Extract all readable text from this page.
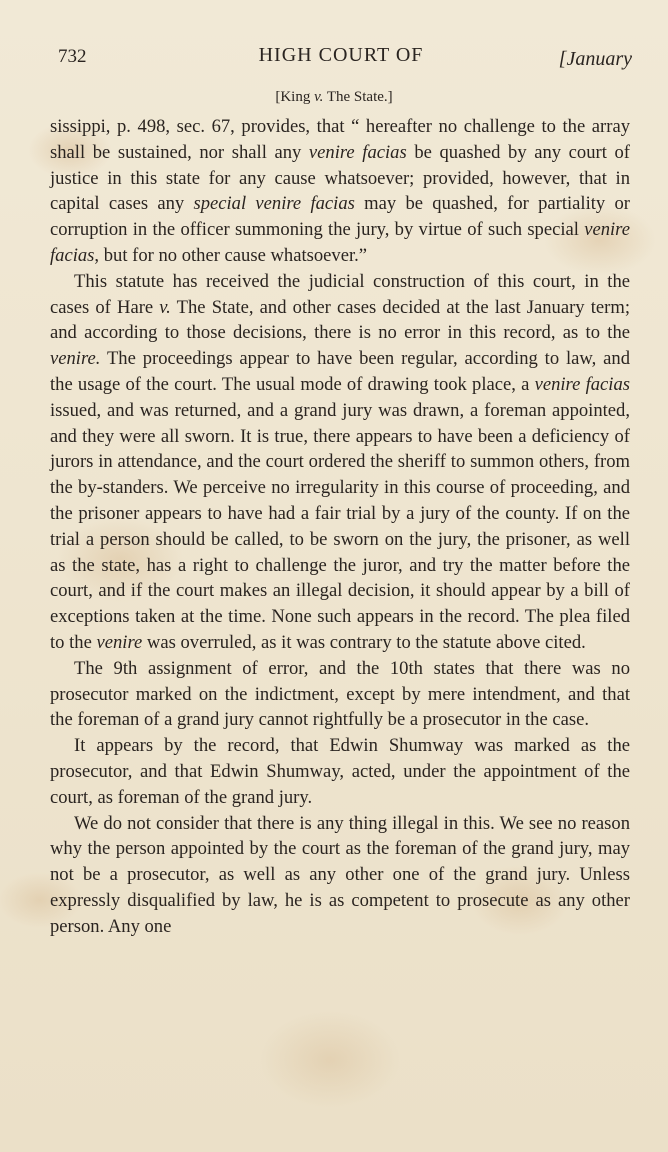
732	HIGH COURT OF	[January
[King v. The State.]

sissippi, p. 498, sec. 67, provides, that “ hereafter no challenge to the array shall be sustained, nor shall any venire facias be quashed by any court of justice in this state for any cause whatsoever; provided, however, that in capital cases any special venire facias may be quashed, for partiality or corruption in the officer summoning the jury, by virtue of such special venire facias, but for no other cause whatsoever.”

This statute has received the judicial construction of this court, in the cases of Hare v. The State, and other cases decided at the last January term; and according to those decisions, there is no error in this record, as to the venire. The proceedings appear to have been regular, according to law, and the usage of the court. The usual mode of drawing took place, a venire facias issued, and was returned, and a grand jury was drawn, a foreman appointed, and they were all sworn. It is true, there appears to have been a deficiency of jurors in attendance, and the court ordered the sheriff to summon others, from the by-standers. We perceive no irregularity in this course of proceeding, and the prisoner appears to have had a fair trial by a jury of the county. If on the trial a person should be called, to be sworn on the jury, the prisoner, as well as the state, has a right to challenge the juror, and try the matter before the court, and if the court makes an illegal decision, it should appear by a bill of exceptions taken at the time. None such appears in the record. The plea filed to the venire was overruled, as it was contrary to the statute above cited.

The 9th assignment of error, and the 10th states that there was no prosecutor marked on the indictment, except by mere intendment, and that the foreman of a grand jury cannot rightfully be a prosecutor in the case.

It appears by the record, that Edwin Shumway was marked as the prosecutor, and that Edwin Shumway, acted, under the appointment of the court, as foreman of the grand jury.

We do not consider that there is any thing illegal in this. We see no reason why the person appointed by the court as the foreman of the grand jury, may not be a prosecutor, as well as any other one of the grand jury. Unless expressly disqualified by law, he is as competent to prosecute as any other person. Any one
